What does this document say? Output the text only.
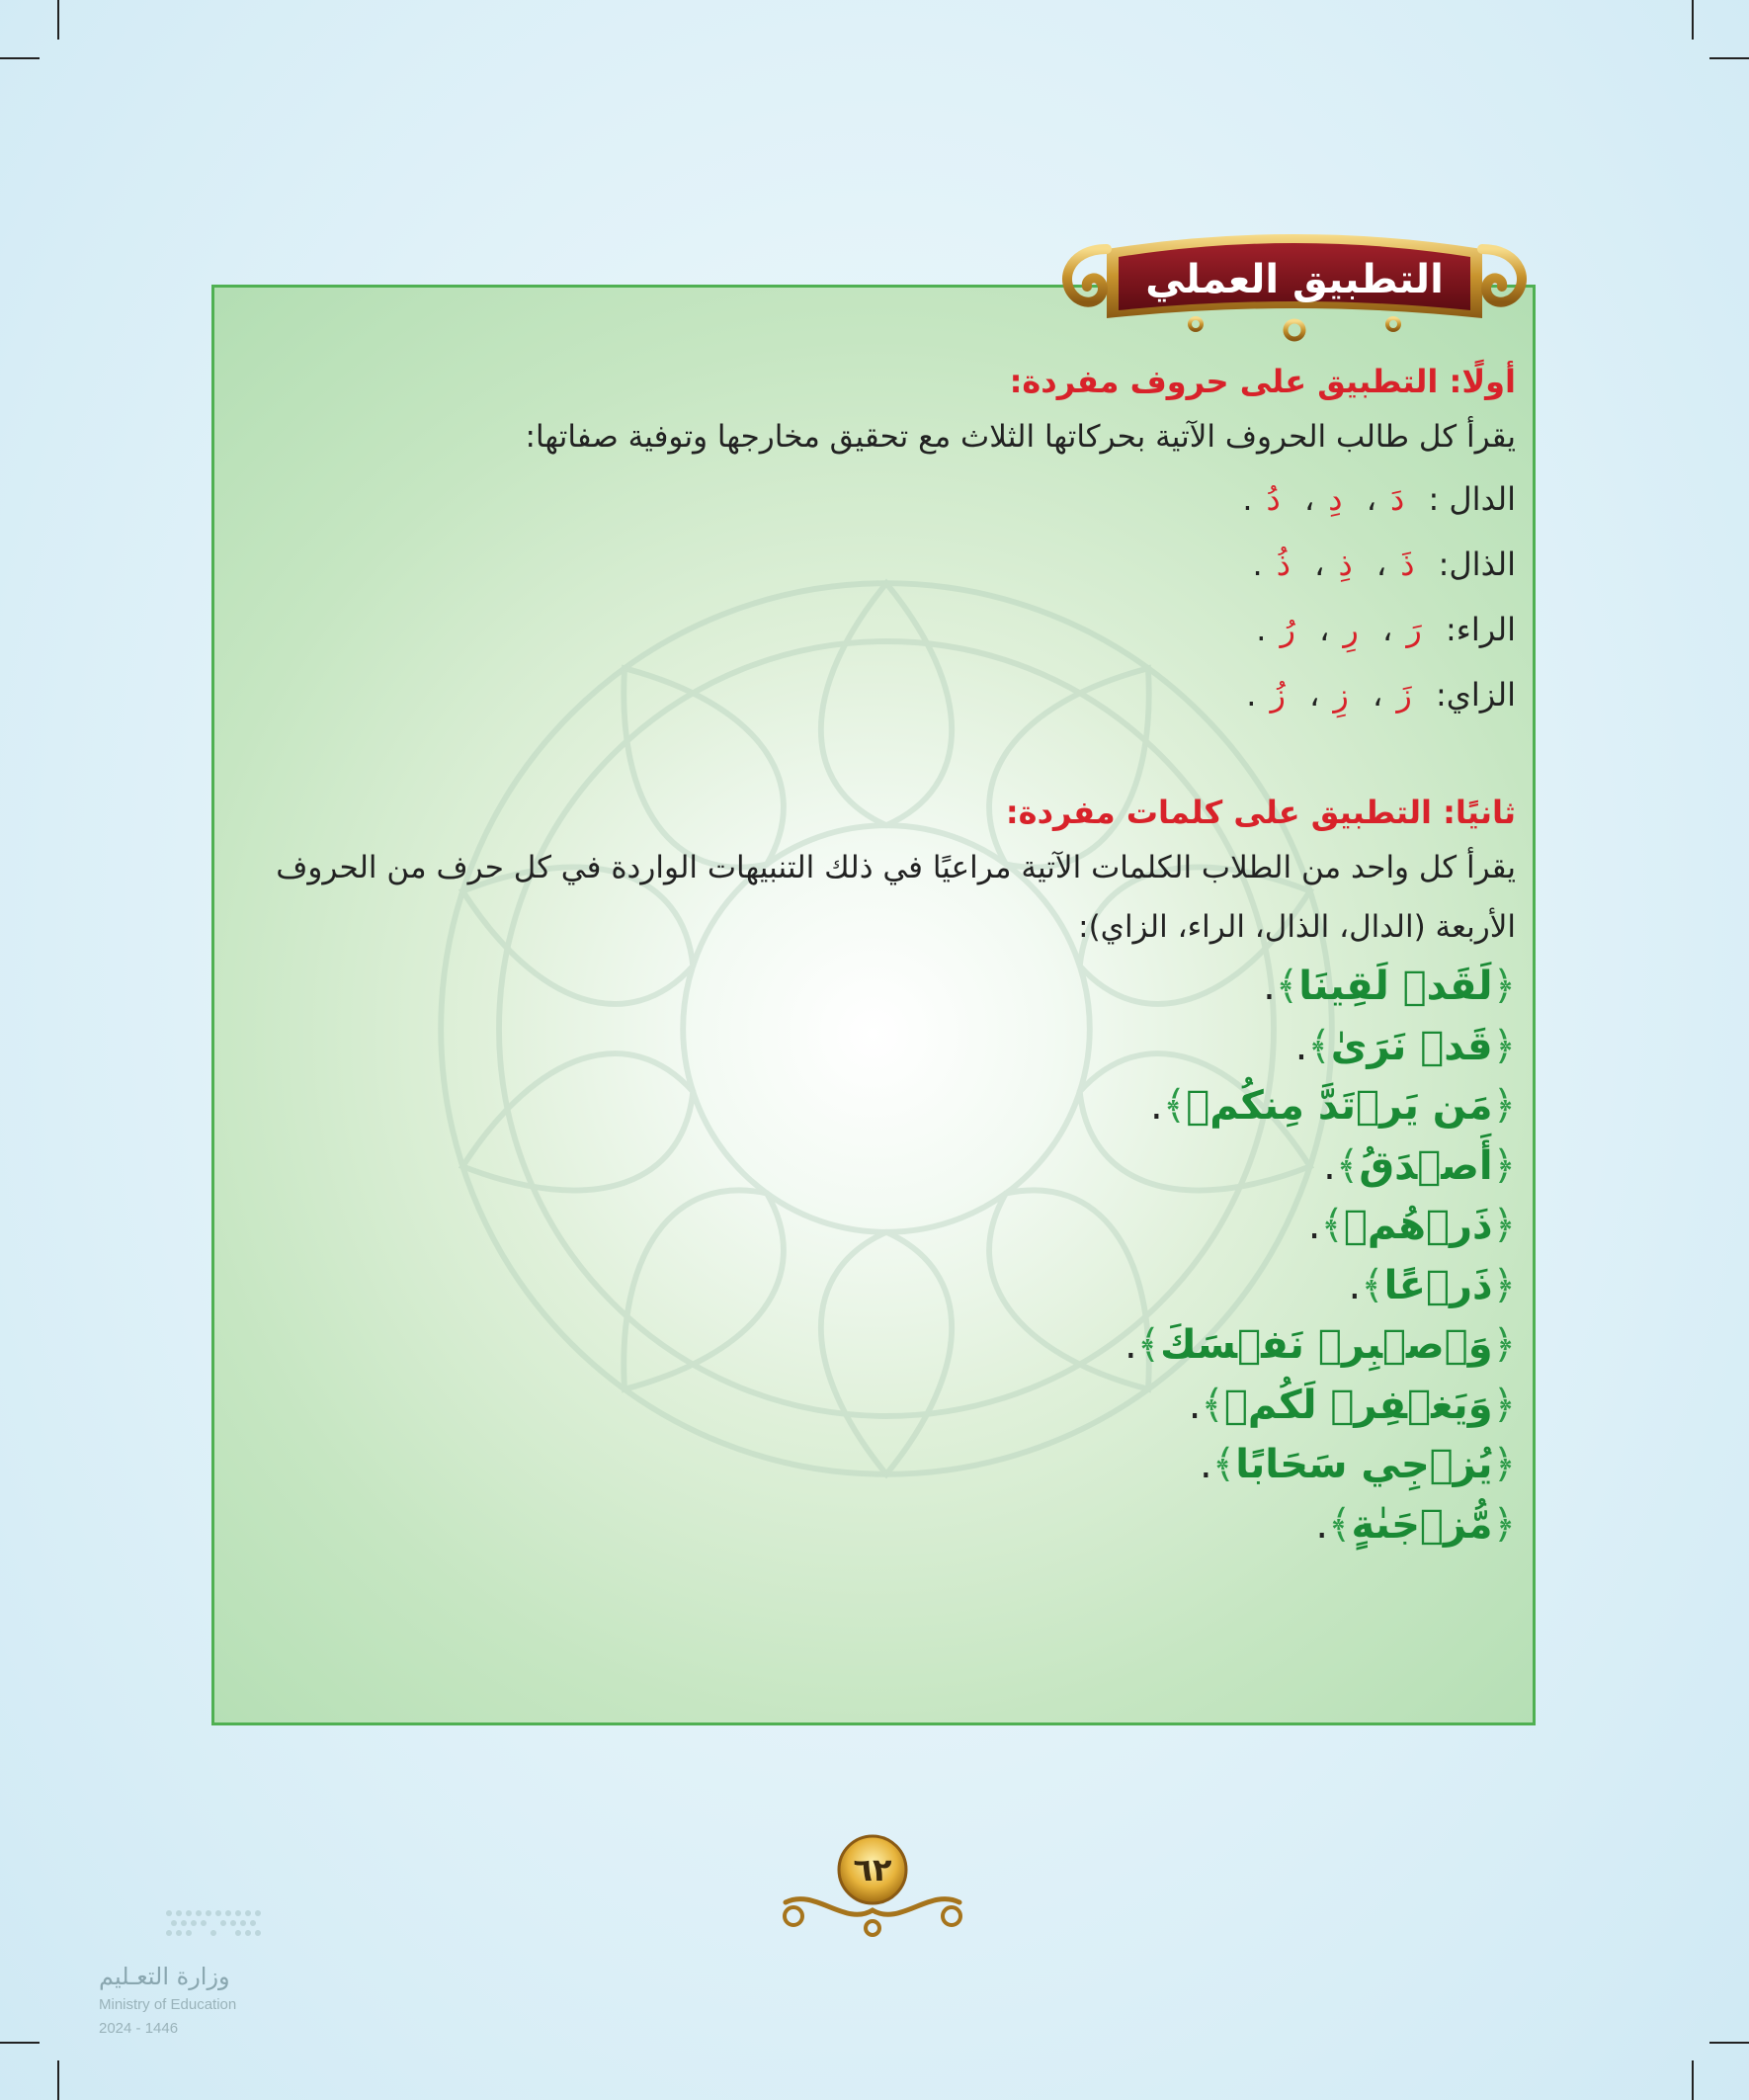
التطبيق العملي
أولًا: التطبيق على حروف مفردة:
يقرأ كل طالب الحروف الآتية بحركاتها الثلاث مع تحقيق مخارجها وتوفية صفاتها:
الدال : دَ، دِ، دُ.
الذال: ذَ، ذِ، ذُ.
الراء: رَ، رِ، رُ.
الزاي: زَ، زِ، زُ.
ثانيًا: التطبيق على كلمات مفردة:
يقرأ كل واحد من الطلاب الكلمات الآتية مراعيًا في ذلك التنبيهات الواردة في كل حرف من الحروف الأربعة (الدال، الذال، الراء، الزاي):
﴿لَقَدۡ لَقِينَا﴾.
﴿قَدۡ نَرَىٰ﴾.
﴿مَن يَرۡتَدَّ مِنكُمۡ﴾.
﴿أَصۡدَقُ﴾.
﴿ذَرۡهُمۡ﴾.
﴿ذَرۡعًا﴾.
﴿وَٱصۡبِرۡ نَفۡسَكَ﴾.
﴿وَيَغۡفِرۡ لَكُمۡ﴾.
﴿يُزۡجِي سَحَابًا﴾.
﴿مُّزۡجَىٰةٍ﴾.
٦٢
وزارة التعـليم
Ministry of Education
2024 - 1446
